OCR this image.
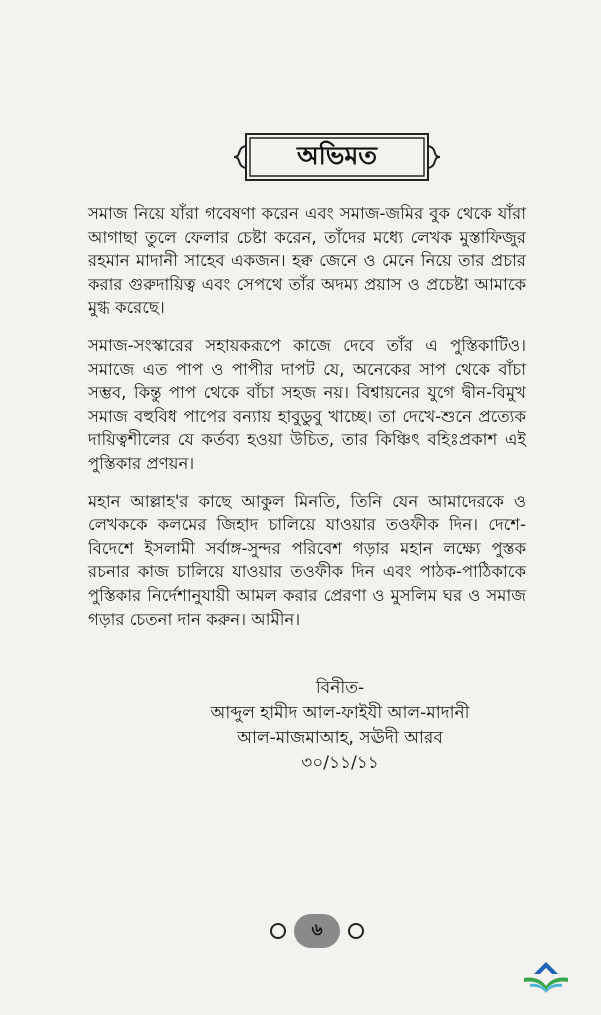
অভিমত

সমাজ নিয়ে যাঁরা গবেষণা করেন এবং সমাজ-জমির বুক থেকে যাঁরা আগাছা তুলে ফেলার চেষ্টা করেন, তাঁদের মধ্যে লেখক মুস্তাফিজুর রহমান মাদানী সাহেব একজন। হক্ব জেনে ও মেনে নিয়ে তার প্রচার করার গুরুদায়িত্ব এবং সেপথে তাঁর অদম্য প্রয়াস ও প্রচেষ্টা আমাকে মুগ্ধ করেছে।

সমাজ-সংস্কারের সহায়করূপে কাজে দেবে তাঁর এ পুস্তিকাটিও। সমাজে এত পাপ ও পাপীর দাপট যে, অনেকের সাপ থেকে বাঁচা সম্ভব, কিন্তু পাপ থেকে বাঁচা সহজ নয়। বিশ্বায়নের যুগে দ্বীন-বিমুখ সমাজ বহুবিধ পাপের বন্যায় হাবুডুবু খাচ্ছে। তা দেখে-শুনে প্রত্যেক দায়িত্বশীলের যে কর্তব্য হওয়া উচিত, তার কিঞ্চিৎ বহিঃপ্রকাশ এই পুস্তিকার প্রণয়ন।

মহান আল্লাহ'র কাছে আকুল মিনতি, তিনি যেন আমাদেরকে ও লেখককে কলমের জিহাদ চালিয়ে যাওয়ার তওফীক দিন। দেশে-বিদেশে ইসলামী সর্বাঙ্গ-সুন্দর পরিবেশ গড়ার মহান লক্ষ্যে পুস্তক রচনার কাজ চালিয়ে যাওয়ার তওফীক দিন এবং পাঠক-পাঠিকাকে পুস্তিকার নির্দেশানুযায়ী আমল করার প্রেরণা ও মুসলিম ঘর ও সমাজ গড়ার চেতনা দান করুন। আমীন।

বিনীত-
আব্দুল হামীদ আল-ফাইযী আল-মাদানী
আল-মাজমাআহ, সঊদী আরব
৩০/১১/১১
৬
